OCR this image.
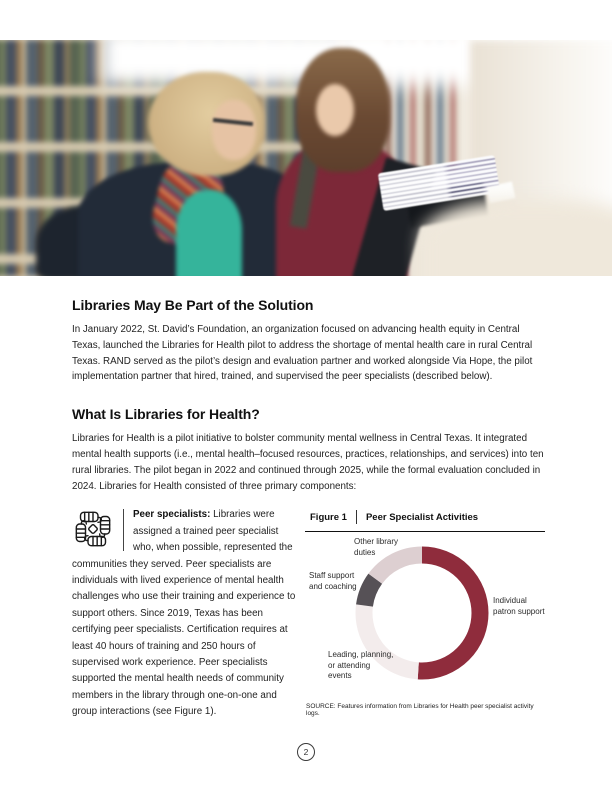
Libraries May Be Part of the Solution

In January 2022, St. David’s Foundation, an organization focused on advancing health equity in Central Texas, launched the Libraries for Health pilot to address the shortage of mental health care in rural Central Texas. RAND served as the pilot’s design and evaluation partner and worked alongside Via Hope, the pilot implementation partner that hired, trained, and supervised the peer specialists (described below).

What Is Libraries for Health?

Libraries for Health is a pilot initiative to bolster community mental wellness in Central Texas. It integrated mental health supports (i.e., mental health–focused resources, practices, relationships, and services) into ten rural libraries. The pilot began in 2022 and continued through 2025, while the formal evaluation concluded in 2024. Libraries for Health consisted of three primary components:

Peer specialists: Libraries were assigned a trained peer specialist who, when possible, represented the communities they served. Peer specialists are individuals with lived experience of mental health challenges who use their training and experience to support others. Since 2019, Texas has been certifying peer specialists. Certification requires at least 40 hours of training and 250 hours of supervised work experience. Peer specialists supported the mental health needs of community members in the library through one-on-one and group interactions (see Figure 1).

Figure 1 Peer Specialist Activities
Other library duties
Staff support and coaching
Individual patron support
Leading, planning, or attending events
SOURCE: Features information from Libraries for Health peer specialist activity logs.
2
